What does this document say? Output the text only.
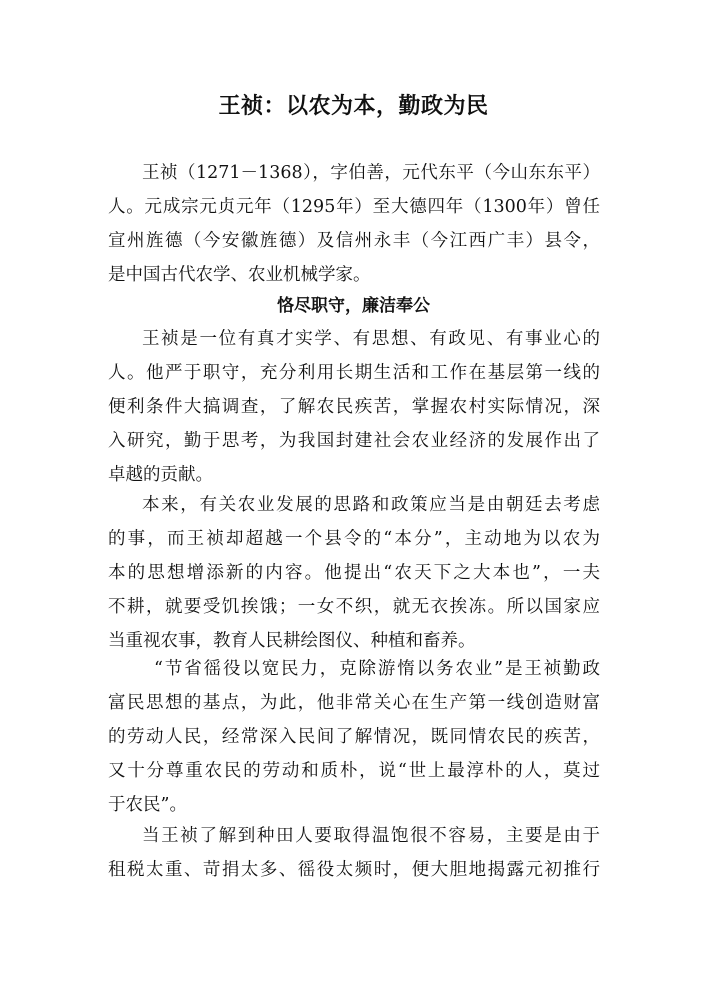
王祯：以农为本，勤政为民
王祯（1271－1368），字伯善，元代东平（今山东东平）
人。元成宗元贞元年（1295年）至大德四年（1300年）曾任
宣州旌德（今安徽旌德）及信州永丰（今江西广丰）县令，
是中国古代农学、农业机械学家。
恪尽职守，廉洁奉公
王祯是一位有真才实学、有思想、有政见、有事业心的
人。他严于职守，充分利用长期生活和工作在基层第一线的
便利条件大搞调查，了解农民疾苦，掌握农村实际情况，深
入研究，勤于思考，为我国封建社会农业经济的发展作出了
卓越的贡献。
本来，有关农业发展的思路和政策应当是由朝廷去考虑
的事，而王祯却超越一个县令的“本分”，主动地为以农为
本的思想增添新的内容。他提出“农天下之大本也”，一夫
不耕，就要受饥挨饿；一女不织，就无衣挨冻。所以国家应
当重视农事，教育人民耕绘图仪、种植和畜养。
“节省徭役以宽民力，克除游惰以务农业”是王祯勤政
富民思想的基点，为此，他非常关心在生产第一线创造财富
的劳动人民，经常深入民间了解情况，既同情农民的疾苦，
又十分尊重农民的劳动和质朴，说“世上最淳朴的人，莫过
于农民”。
当王祯了解到种田人要取得温饱很不容易，主要是由于
租税太重、苛捐太多、徭役太频时，便大胆地揭露元初推行
